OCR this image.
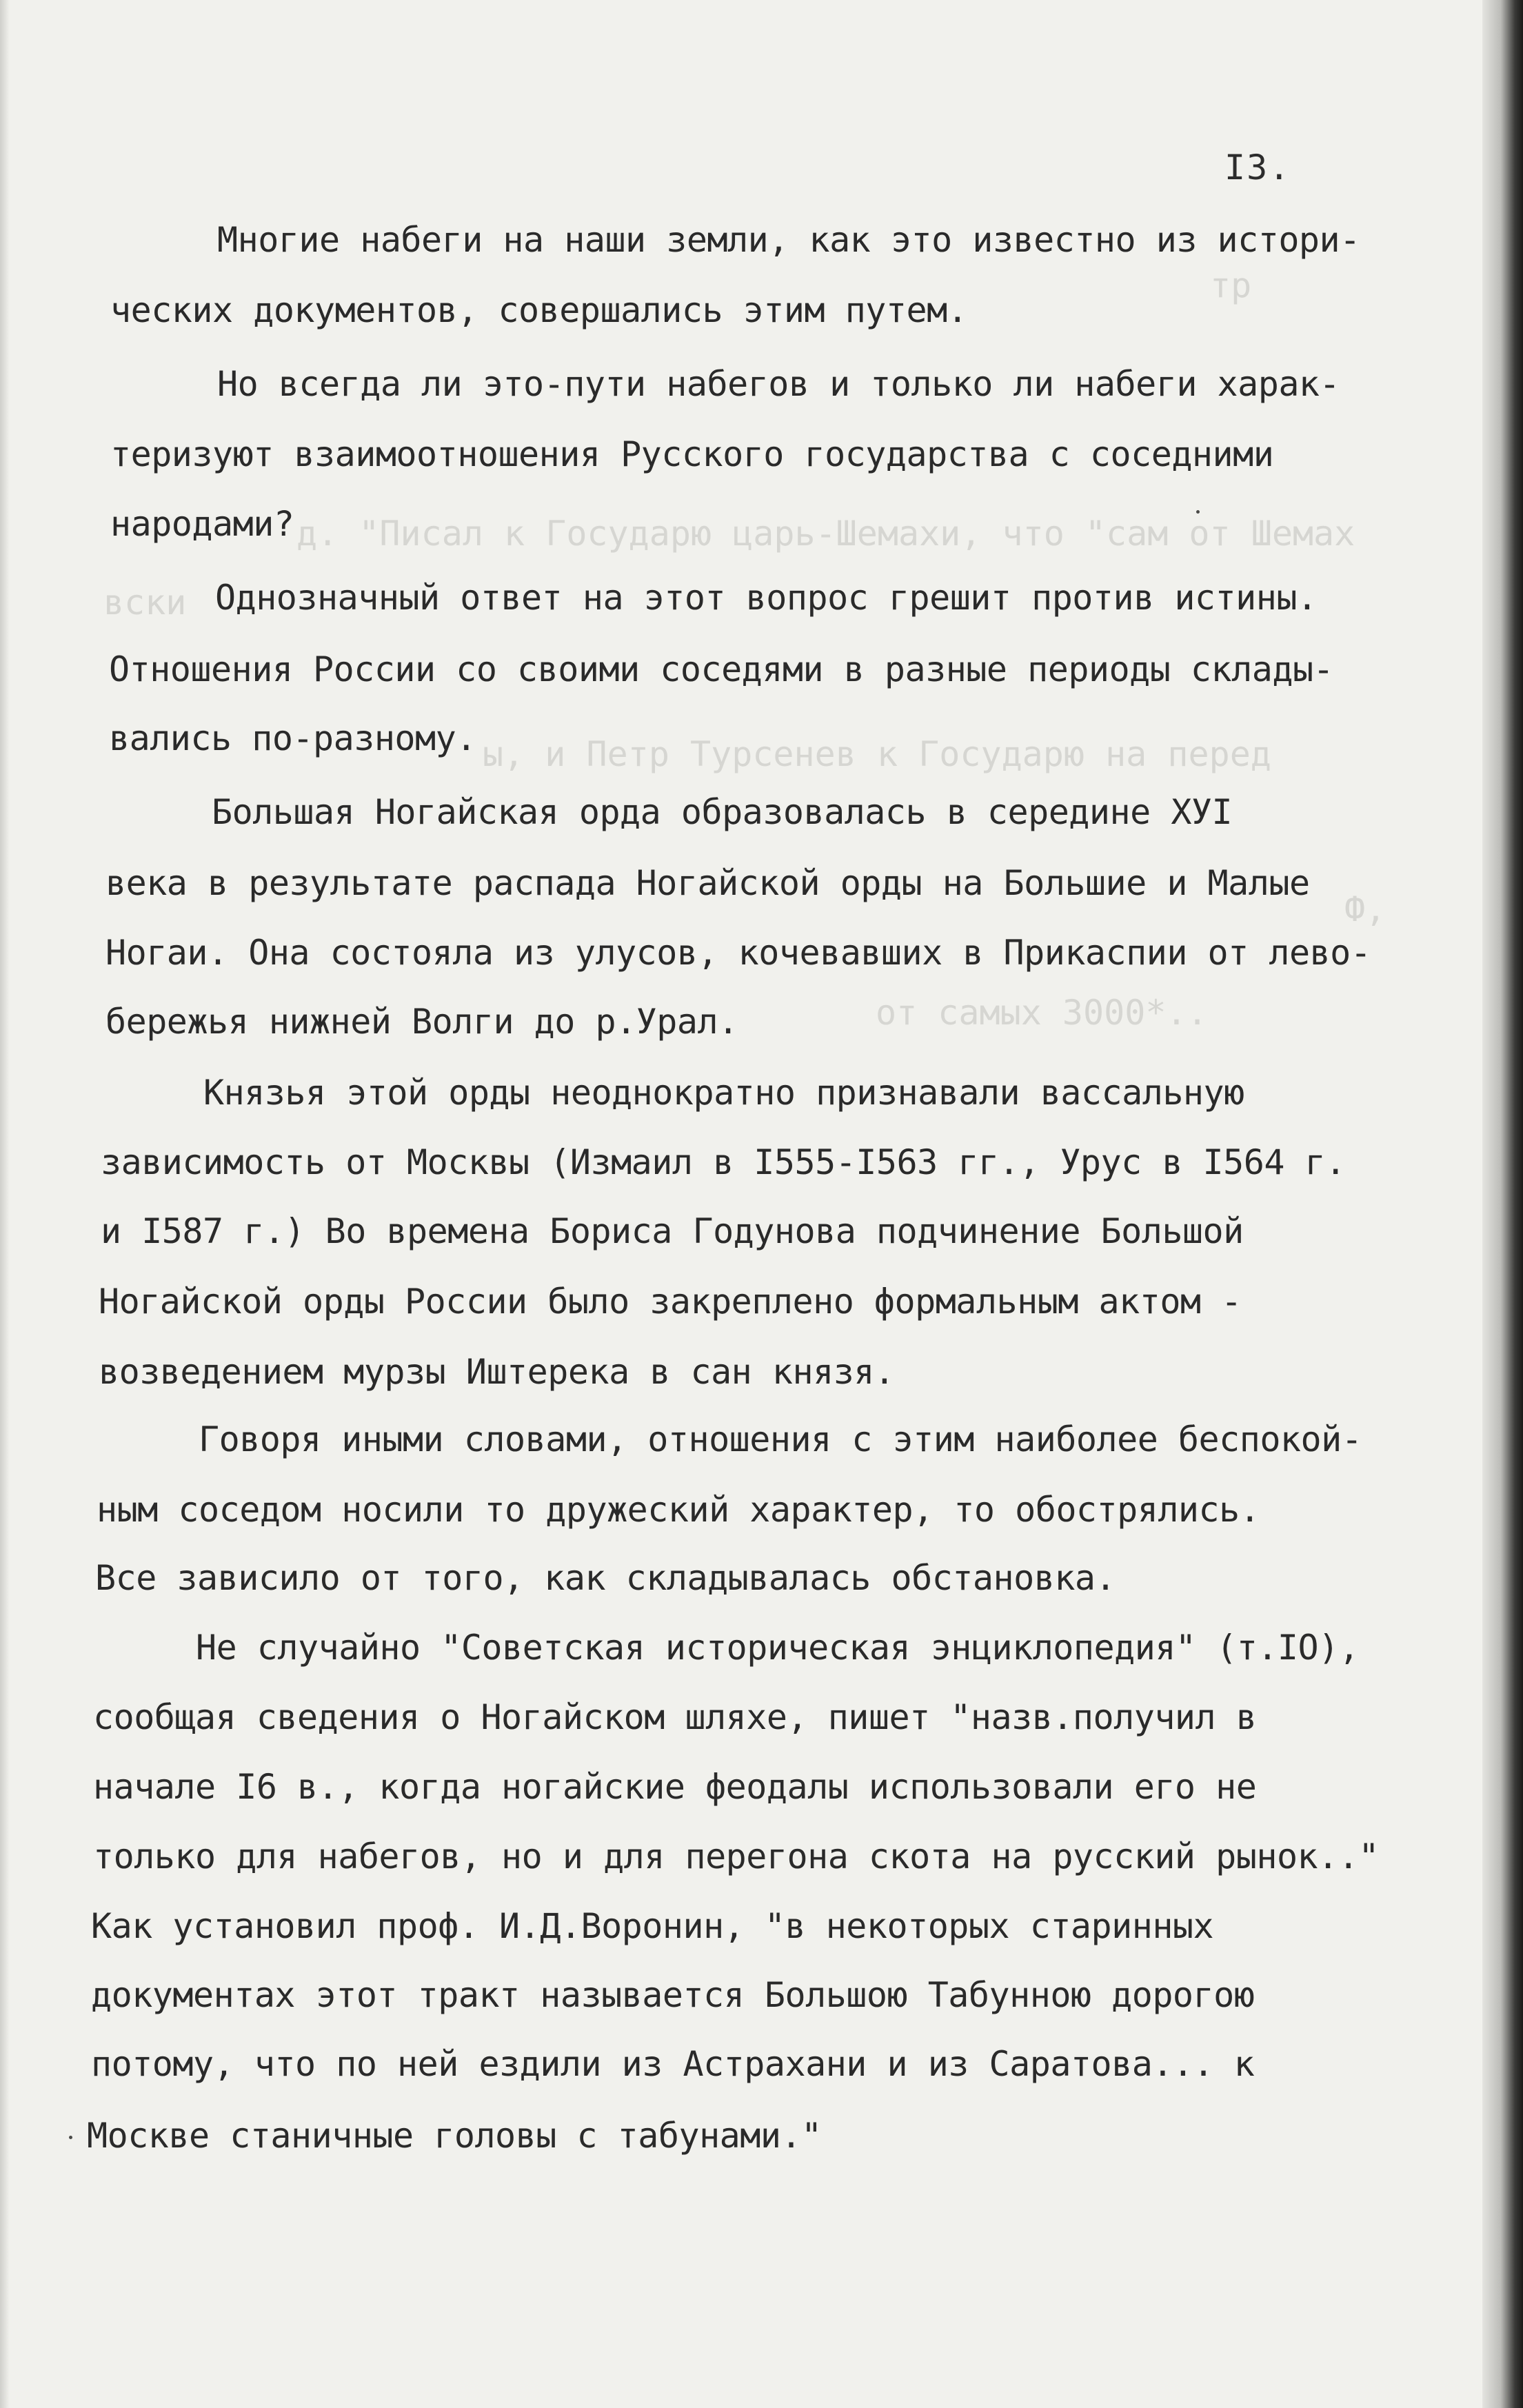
тр
д. "Писал к Государю царь-Шемахи, что "сам от Шемах
вски
ы, и Петр Турсенев к Государю на перед
Ф,
от самых 3000*..
I3.
Многие набеги на наши земли, как это известно из истори-
ческих документов, совершались этим путем.
Но всегда ли это-пути набегов и только ли набеги харак-
теризуют взаимоотношения Русского государства с соседними
народами?
Однозначный ответ на этот вопрос грешит против истины.
Отношения России со своими соседями в разные периоды склады-
вались по-разному.
Большая Ногайская орда образовалась в середине ХУI
века в результате распада Ногайской орды на Большие и Малые
Ногаи. Она состояла из улусов, кочевавших в Прикаспии от лево-
бережья нижней Волги до р.Урал.
Князья этой орды неоднократно признавали вассальную
зависимость от Москвы (Измаил в I555-I563 гг., Урус в I564 г.
и I587 г.) Во времена Бориса Годунова подчинение Большой
Ногайской орды России было закреплено формальным актом -
возведением мурзы Иштерека в сан князя.
Говоря иными словами, отношения с этим наиболее беспокой-
ным соседом носили то дружеский характер, то обострялись.
Все зависило от того, как складывалась обстановка.
Не случайно "Советская историческая энциклопедия" (т.IO),
сообщая сведения о Ногайском шляхе, пишет "назв.получил в
начале I6 в., когда ногайские феодалы использовали его не
только для набегов, но и для перегона скота на русский рынок.."
Как установил проф. И.Д.Воронин, "в некоторых старинных
документах этот тракт называется Большою Табунною дорогою
потому, что по ней ездили из Астрахани и из Саратова... к
Москве станичные головы с табунами."
